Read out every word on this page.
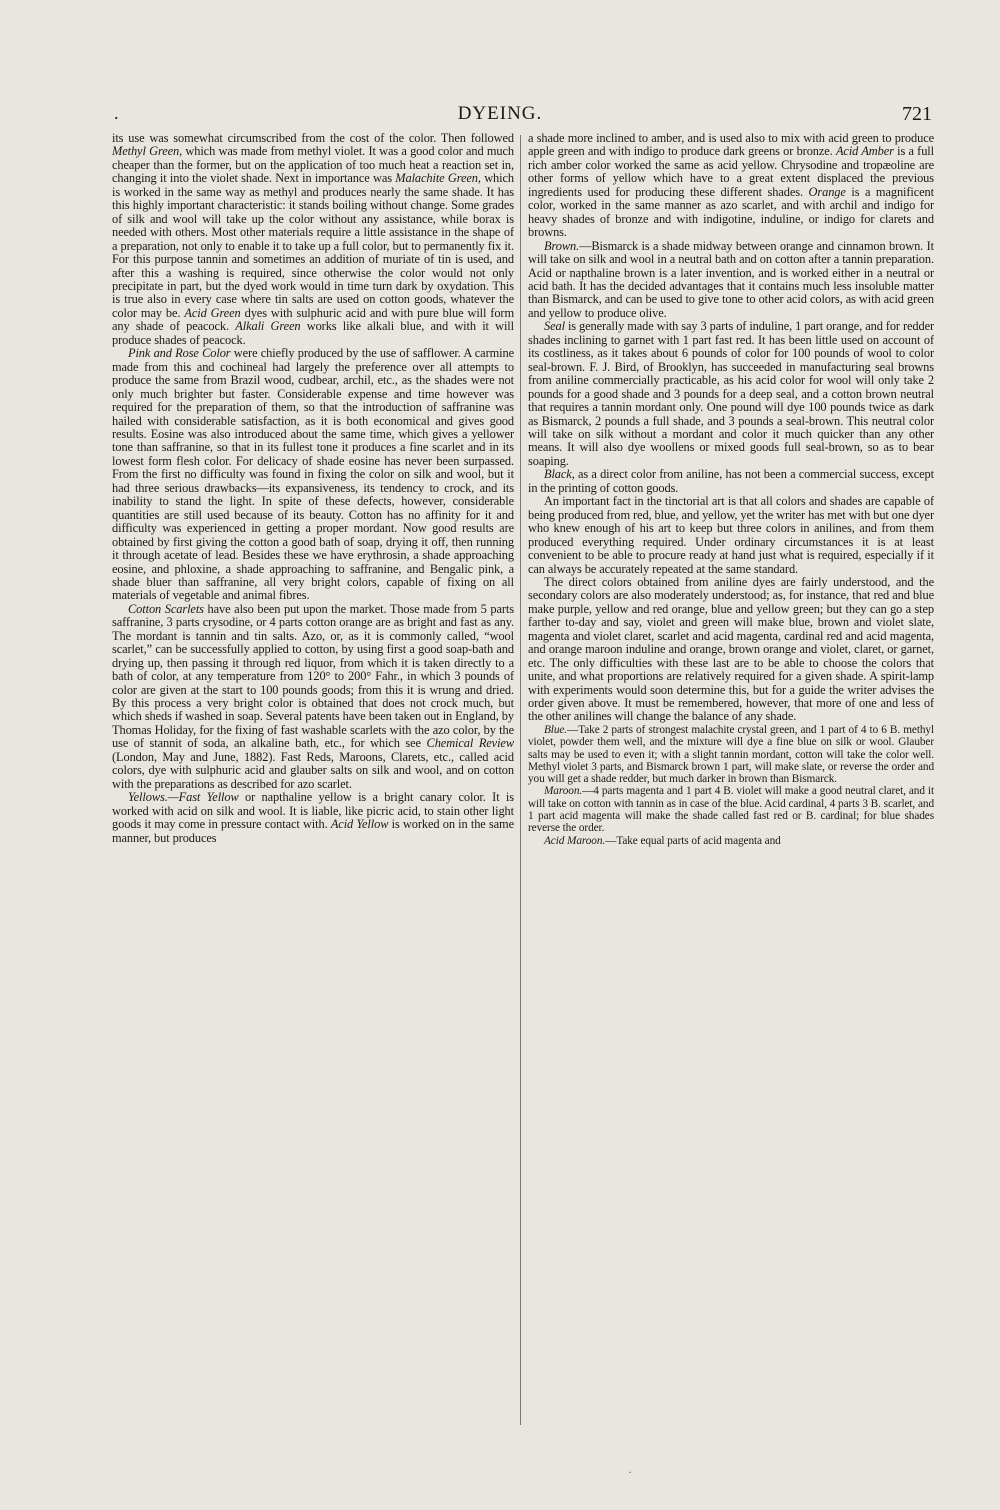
.	DYEING.	721

its use was somewhat circumscribed from the cost of the color. Then followed Methyl Green, which was made from methyl violet. It was a good color and much cheaper than the former, but on the application of too much heat a reaction set in, changing it into the violet shade. Next in importance was Malachite Green, which is worked in the same way as methyl and produces nearly the same shade. It has this highly important characteristic: it stands boiling without change. Some grades of silk and wool will take up the color without any assistance, while borax is needed with others. Most other materials require a little assistance in the shape of a preparation, not only to enable it to take up a full color, but to permanently fix it. For this purpose tannin and sometimes an addition of muriate of tin is used, and after this a washing is required, since otherwise the color would not only precipitate in part, but the dyed work would in time turn dark by oxydation. This is true also in every case where tin salts are used on cotton goods, whatever the color may be. Acid Green dyes with sulphuric acid and with pure blue will form any shade of peacock. Alkali Green works like alkali blue, and with it will produce shades of peacock.

Pink and Rose Color were chiefly produced by the use of safflower. A carmine made from this and cochineal had largely the preference over all attempts to produce the same from Brazil wood, cudbear, archil, etc., as the shades were not only much brighter but faster. Considerable expense and time however was required for the preparation of them, so that the introduction of saffranine was hailed with considerable satisfaction, as it is both economical and gives good results. Eosine was also introduced about the same time, which gives a yellower tone than saffranine, so that in its fullest tone it produces a fine scarlet and in its lowest form flesh color. For delicacy of shade eosine has never been surpassed. From the first no difficulty was found in fixing the color on silk and wool, but it had three serious drawbacks—its expansiveness, its tendency to crock, and its inability to stand the light. In spite of these defects, however, considerable quantities are still used because of its beauty. Cotton has no affinity for it and difficulty was experienced in getting a proper mordant. Now good results are obtained by first giving the cotton a good bath of soap, drying it off, then running it through acetate of lead. Besides these we have erythrosin, a shade approaching eosine, and phloxine, a shade approaching to saffranine, and Bengalic pink, a shade bluer than saffranine, all very bright colors, capable of fixing on all materials of vegetable and animal fibres.

Cotton Scarlets have also been put upon the market. Those made from 5 parts saffranine, 3 parts crysodine, or 4 parts cotton orange are as bright and fast as any. The mordant is tannin and tin salts. Azo, or, as it is commonly called, “wool scarlet,” can be successfully applied to cotton, by using first a good soap-bath and drying up, then passing it through red liquor, from which it is taken directly to a bath of color, at any temperature from 120° to 200° Fahr., in which 3 pounds of color are given at the start to 100 pounds goods; from this it is wrung and dried. By this process a very bright color is obtained that does not crock much, but which sheds if washed in soap. Several patents have been taken out in England, by Thomas Holiday, for the fixing of fast washable scarlets with the azo color, by the use of stannit of soda, an alkaline bath, etc., for which see Chemical Review (London, May and June, 1882). Fast Reds, Maroons, Clarets, etc., called acid colors, dye with sulphuric acid and glauber salts on silk and wool, and on cotton with the preparations as described for azo scarlet.

Yellows.—Fast Yellow or napthaline yellow is a bright canary color. It is worked with acid on silk and wool. It is liable, like picric acid, to stain other light goods it may come in pressure contact with. Acid Yellow is worked on in the same manner, but produces

a shade more inclined to amber, and is used also to mix with acid green to produce apple green and with indigo to produce dark greens or bronze. Acid Amber is a full rich amber color worked the same as acid yellow. Chrysodine and tropæoline are other forms of yellow which have to a great extent displaced the previous ingredients used for producing these different shades. Orange is a magnificent color, worked in the same manner as azo scarlet, and with archil and indigo for heavy shades of bronze and with indigotine, induline, or indigo for clarets and browns.

Brown.—Bismarck is a shade midway between orange and cinnamon brown. It will take on silk and wool in a neutral bath and on cotton after a tannin preparation. Acid or napthaline brown is a later invention, and is worked either in a neutral or acid bath. It has the decided advantages that it contains much less insoluble matter than Bismarck, and can be used to give tone to other acid colors, as with acid green and yellow to produce olive.

Seal is generally made with say 3 parts of induline, 1 part orange, and for redder shades inclining to garnet with 1 part fast red. It has been little used on account of its costliness, as it takes about 6 pounds of color for 100 pounds of wool to color seal-brown. F. J. Bird, of Brooklyn, has succeeded in manufacturing seal browns from aniline commercially practicable, as his acid color for wool will only take 2 pounds for a good shade and 3 pounds for a deep seal, and a cotton brown neutral that requires a tannin mordant only. One pound will dye 100 pounds twice as dark as Bismarck, 2 pounds a full shade, and 3 pounds a seal-brown. This neutral color will take on silk without a mordant and color it much quicker than any other means. It will also dye woollens or mixed goods full seal-brown, so as to bear soaping.

Black, as a direct color from aniline, has not been a commercial success, except in the printing of cotton goods.

An important fact in the tinctorial art is that all colors and shades are capable of being produced from red, blue, and yellow, yet the writer has met with but one dyer who knew enough of his art to keep but three colors in anilines, and from them produced everything required. Under ordinary circumstances it is at least convenient to be able to procure ready at hand just what is required, especially if it can always be accurately repeated at the same standard.

The direct colors obtained from aniline dyes are fairly understood, and the secondary colors are also moderately understood; as, for instance, that red and blue make purple, yellow and red orange, blue and yellow green; but they can go a step farther to-day and say, violet and green will make blue, brown and violet slate, magenta and violet claret, scarlet and acid magenta, cardinal red and acid magenta, and orange maroon induline and orange, brown orange and violet, claret, or garnet, etc. The only difficulties with these last are to be able to choose the colors that unite, and what proportions are relatively required for a given shade. A spirit-lamp with experiments would soon determine this, but for a guide the writer advises the order given above. It must be remembered, however, that more of one and less of the other anilines will change the balance of any shade.

Blue.—Take 2 parts of strongest malachite crystal green, and 1 part of 4 to 6 B. methyl violet, powder them well, and the mixture will dye a fine blue on silk or wool. Glauber salts may be used to even it; with a slight tannin mordant, cotton will take the color well. Methyl violet 3 parts, and Bismarck brown 1 part, will make slate, or reverse the order and you will get a shade redder, but much darker in brown than Bismarck.

Maroon.—4 parts magenta and 1 part 4 B. violet will make a good neutral claret, and it will take on cotton with tannin as in case of the blue. Acid cardinal, 4 parts 3 B. scarlet, and 1 part acid magenta will make the shade called fast red or B. cardinal; for blue shades reverse the order.

Acid Maroon.—Take equal parts of acid magenta and

·
